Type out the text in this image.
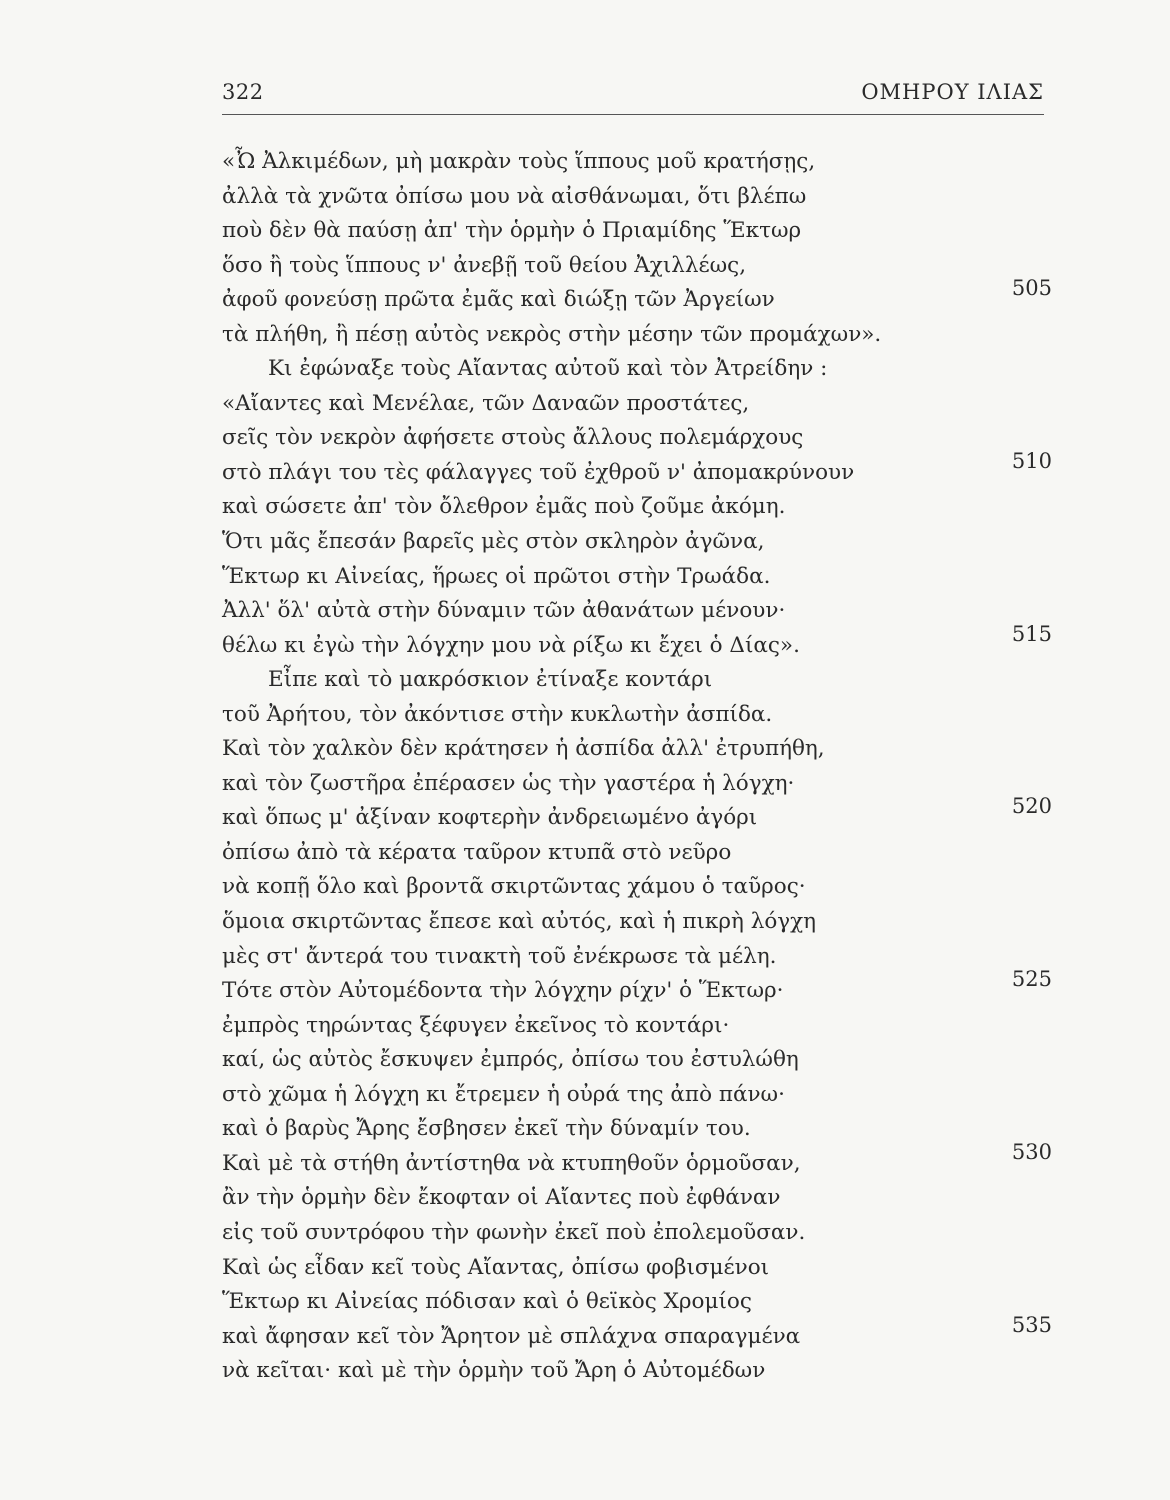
322	ΟΜΗΡΟΥ ΙΛΙΑΣ
«Ὦ Ἀλκιμέδων, μὴ μακρὰν τοὺς ἵππους μοῦ κρατήσῃς,
ἀλλὰ τὰ χνῶτα ὀπίσω μου νὰ αἰσθάνωμαι, ὅτι βλέπω
ποὺ δὲν θὰ παύσῃ ἀπ' τὴν ὁρμὴν ὁ Πριαμίδης Ἕκτωρ
ὅσο ἢ τοὺς ἵππους ν' ἀνεβῇ τοῦ θείου Ἀχιλλέως,
ἀφοῦ φονεύσῃ πρῶτα ἐμᾶς καὶ διώξῃ τῶν Ἀργείων	505
τὰ πλήθη, ἢ πέσῃ αὐτὸς νεκρὸς στὴν μέσην τῶν προμάχων».
Κι ἐφώναξε τοὺς Αἴαντας αὐτοῦ καὶ τὸν Ἀτρείδην :
«Αἴαντες καὶ Μενέλαε, τῶν Δαναῶν προστάτες,
σεῖς τὸν νεκρὸν ἀφήσετε στοὺς ἄλλους πολεμάρχους
στὸ πλάγι του τὲς φάλαγγες τοῦ ἐχθροῦ ν' ἀπομακρύνουν	510
καὶ σώσετε ἀπ' τὸν ὄλεθρον ἐμᾶς ποὺ ζοῦμε ἀκόμη.
Ὅτι μᾶς ἔπεσάν βαρεῖς μὲς στὸν σκληρὸν ἀγῶνα,
Ἕκτωρ κι Αἰνείας, ἥρωες οἱ πρῶτοι στὴν Τρωάδα.
Ἀλλ' ὅλ' αὐτὰ στὴν δύναμιν τῶν ἀθανάτων μένουν·
θέλω κι ἐγὼ τὴν λόγχην μου νὰ ρίξω κι ἔχει ὁ Δίας».	515
Εἶπε καὶ τὸ μακρόσκιον ἐτίναξε κοντάρι
τοῦ Ἀρήτου, τὸν ἀκόντισε στὴν κυκλωτὴν ἀσπίδα.
Καὶ τὸν χαλκὸν δὲν κράτησεν ἡ ἀσπίδα ἀλλ' ἐτρυπήθη,
καὶ τὸν ζωστῆρα ἐπέρασεν ὡς τὴν γαστέρα ἡ λόγχη·
καὶ ὅπως μ' ἀξίναν κοφτερὴν ἀνδρειωμένο ἀγόρι	520
ὀπίσω ἀπὸ τὰ κέρατα ταῦρον κτυπᾶ στὸ νεῦρο
νὰ κοπῇ ὅλο καὶ βροντᾶ σκιρτῶντας χάμου ὁ ταῦρος·
ὅμοια σκιρτῶντας ἔπεσε καὶ αὐτός, καὶ ἡ πικρὴ λόγχη
μὲς στ' ἄντερά του τινακτὴ τοῦ ἐνέκρωσε τὰ μέλη.
Τότε στὸν Αὐτομέδοντα τὴν λόγχην ρίχν' ὁ Ἕκτωρ·	525
ἐμπρὸς τηρώντας ξέφυγεν ἐκεῖνος τὸ κοντάρι·
καί, ὡς αὐτὸς ἔσκυψεν ἐμπρός, ὀπίσω του ἐστυλώθη
στὸ χῶμα ἡ λόγχη κι ἔτρεμεν ἡ οὐρά της ἀπὸ πάνω·
καὶ ὁ βαρὺς Ἄρης ἔσβησεν ἐκεῖ τὴν δύναμίν του.
Καὶ μὲ τὰ στήθη ἀντίστηθα νὰ κτυπηθοῦν ὁρμοῦσαν,	530
ἂν τὴν ὁρμὴν δὲν ἔκοφταν οἱ Αἴαντες ποὺ ἐφθάναν
εἰς τοῦ συντρόφου τὴν φωνὴν ἐκεῖ ποὺ ἐπολεμοῦσαν.
Καὶ ὡς εἶδαν κεῖ τοὺς Αἴαντας, ὀπίσω φοβισμένοι
Ἕκτωρ κι Αἰνείας πόδισαν καὶ ὁ θεϊκὸς Χρομίος
καὶ ἄφησαν κεῖ τὸν Ἄρητον μὲ σπλάχνα σπαραγμένα	535
νὰ κεῖται· καὶ μὲ τὴν ὁρμὴν τοῦ Ἄρη ὁ Αὐτομέδων
